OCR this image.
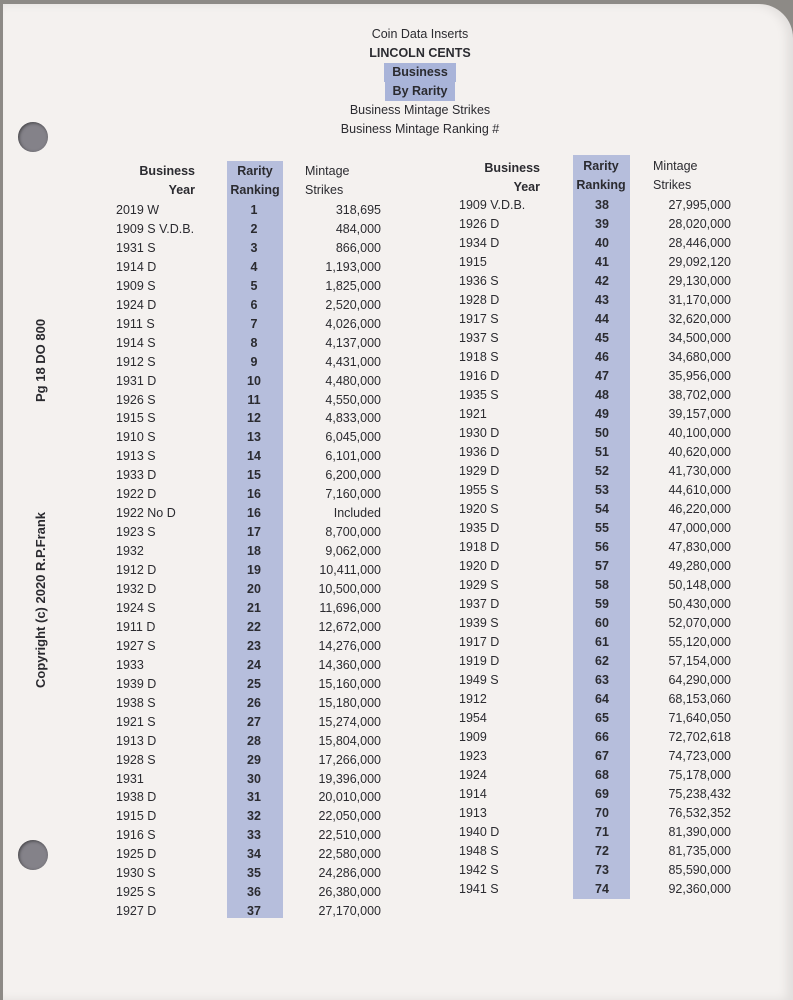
Pg 18 DO 800
Copyright (c) 2020 R.P.Frank
Coin Data Inserts
LINCOLN CENTS
Business
By Rarity
Business Mintage Strikes
Business Mintage Ranking #
Business
Year
Rarity
Ranking
Mintage
Strikes
Business
Year
Rarity
Ranking
Mintage
Strikes
2019 W	1	318,695
1909 S V.D.B.	2	484,000
1931 S	3	866,000
1914 D	4	1,193,000
1909 S	5	1,825,000
1924 D	6	2,520,000
1911 S	7	4,026,000
1914 S	8	4,137,000
1912 S	9	4,431,000
1931 D	10	4,480,000
1926 S	11	4,550,000
1915 S	12	4,833,000
1910 S	13	6,045,000
1913 S	14	6,101,000
1933 D	15	6,200,000
1922 D	16	7,160,000
1922 No D	16	Included
1923 S	17	8,700,000
1932	18	9,062,000
1912 D	19	10,411,000
1932 D	20	10,500,000
1924 S	21	11,696,000
1911 D	22	12,672,000
1927 S	23	14,276,000
1933	24	14,360,000
1939 D	25	15,160,000
1938 S	26	15,180,000
1921 S	27	15,274,000
1913 D	28	15,804,000
1928 S	29	17,266,000
1931	30	19,396,000
1938 D	31	20,010,000
1915 D	32	22,050,000
1916 S	33	22,510,000
1925 D	34	22,580,000
1930 S	35	24,286,000
1925 S	36	26,380,000
1927 D	37	27,170,000
1909 V.D.B.	38	27,995,000
1926 D	39	28,020,000
1934 D	40	28,446,000
1915	41	29,092,120
1936 S	42	29,130,000
1928 D	43	31,170,000
1917 S	44	32,620,000
1937 S	45	34,500,000
1918 S	46	34,680,000
1916 D	47	35,956,000
1935 S	48	38,702,000
1921	49	39,157,000
1930 D	50	40,100,000
1936 D	51	40,620,000
1929 D	52	41,730,000
1955 S	53	44,610,000
1920 S	54	46,220,000
1935 D	55	47,000,000
1918 D	56	47,830,000
1920 D	57	49,280,000
1929 S	58	50,148,000
1937 D	59	50,430,000
1939 S	60	52,070,000
1917 D	61	55,120,000
1919 D	62	57,154,000
1949 S	63	64,290,000
1912	64	68,153,060
1954	65	71,640,050
1909	66	72,702,618
1923	67	74,723,000
1924	68	75,178,000
1914	69	75,238,432
1913	70	76,532,352
1940 D	71	81,390,000
1948 S	72	81,735,000
1942 S	73	85,590,000
1941 S	74	92,360,000
